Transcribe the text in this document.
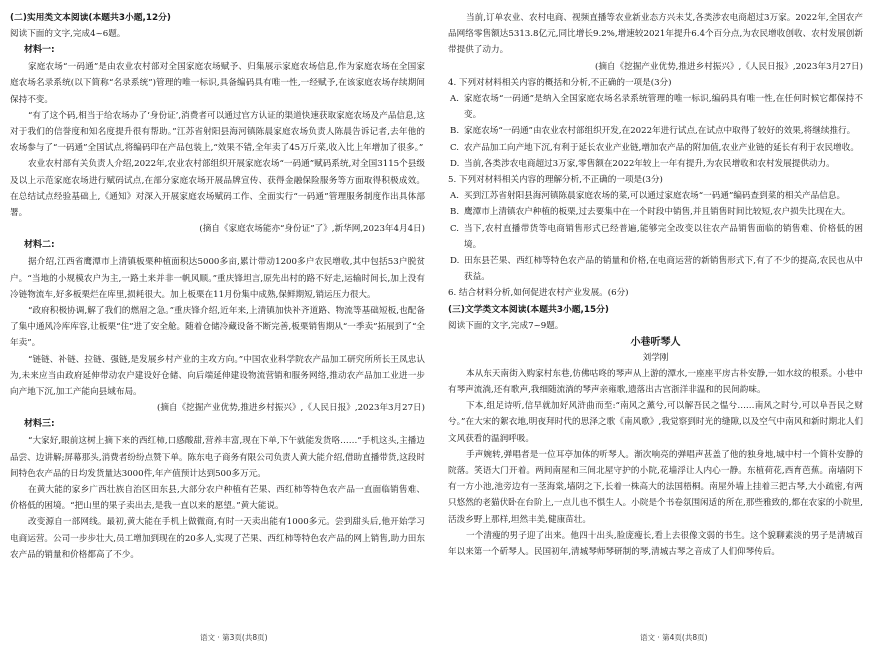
(二)实用类文本阅读(本题共3小题,12分)

阅读下面的文字,完成4~6题。

材料一:

家庭农场“一码通”是由农业农村部对全国家庭农场赋予、归集展示家庭农场信息,作为家庭农场在全国家庭农场名录系统(以下简称“名录系统”)管理的唯一标识,具备编码具有唯一性,一经赋予,在该家庭农场存续期间保持不变。

“有了这个码,相当于给农场办了‘身份证’,消费者可以通过官方认证的渠道快速获取家庭农场及产品信息,这对于我们的信誉度和知名度提升很有帮助。”江苏省射阳县海河镇陈晨家庭农场负责人陈晨告诉记者,去年他的农场参与了“一码通”全国试点,将编码印在产品包装上,“效果不错,全年卖了45万斤菜,收入比上年增加了很多。”

农业农村部有关负责人介绍,2022年,农业农村部组织开展家庭农场“一码通”赋码系统,对全国3115个县级及以上示范家庭农场进行赋码试点,在部分家庭农场开展品牌宣传、获得金融保险服务等方面取得积极成效。在总结试点经验基础上,《通知》对深入开展家庭农场赋码工作、全面实行“一码通”管理服务制度作出具体部署。

(摘自《家庭农场能亦“身份证”了》,新华网,2023年4月4日)

材料二:

据介绍,江西省鹰潭市上清镇板栗种植面积达5000多亩,累计带动1200多户农民增收,其中包括53户脱贫户。“当地的小规模农户为主,一路土来并非一帆风顺。”重庆锋坦言,原先出村的路不好走,运输时间长,加上没有冷链物流车,好多板栗烂在库里,损耗很大。加上板栗在11月份集中成熟,保鲜期短,销运压力很大。

“政府积极协调,解了我们的燃眉之急。”重庆锋介绍,近年来,上清镇加快补齐道路、物流等基础短板,也配备了集中通风冷库库容,让板栗“住”进了安全舱。随着仓储冷藏设备不断完善,板栗销售期从“一季卖”拓展到了“全年卖”。

“链链、补链、拉链、强链,是发展乡村产业的主攻方向。”中国农业科学院农产品加工研究所所长王凤忠认为,未来应当由政府延伸带动农户建设好仓储、向后端延伸建设物流营销和服务网络,推动农产品加工业进一步向产地下沉,加工产能向县域布局。

(摘自《挖掘产业优势,推进乡村振兴》,《人民日报》,2023年3月27日)

材料三:

“大家好,眼前这树上摘下来的西红柿,口感酸甜,营养丰富,现在下单,下午就能发货咯……”手机这头,主播边品尝、边讲解;屏幕那头,消费者纷纷点赞下单。陈东电子商务有限公司负责人黄大能介绍,借助直播带货,这段时间特色农产品的日均发货量达3000件,年产值预计达到500多万元。

在黄大能的家乡广西壮族自治区田东县,大部分农户种植有芒果、西红柿等特色农产品一直面临销售难、价格低的困境。“把山里的果子卖出去,是我一直以来的愿望。”黄大能说。

改变源自一部网线。最初,黄大能在手机上做微商,有时一天卖出能有1000多元。尝到甜头后,他开始学习电商运营。公司一步步壮大,员工增加到现在的20多人,实现了芒果、西红柿等特色农产品的网上销售,助力田东农产品的销量和价格都高了不少。

当前,订单农业、农村电商、视频直播等农业新业态方兴未艾,各类涉农电商超过3万家。2022年,全国农产品网络零售额达5313.8亿元,同比增长9.2%,增速较2021年提升6.4个百分点,为农民增收创收、农村发展创新带提供了动力。

(摘自《挖掘产业优势,推进乡村振兴》,《人民日报》,2023年3月27日)

4. 下列对材料相关内容的概括和分析,不正确的一项是(3分)

A. 家庭农场“一码通”是纳入全国家庭农场名录系统管理的唯一标识,编码具有唯一性,在任何时候它都保持不变。

B. 家庭农场“一码通”由农业农村部组织开发,在2022年进行试点,在试点中取得了较好的效果,将继续推行。

C. 农产品加工向产地下沉,有利于延长农业产业链,增加农产品的附加值,农业产业链的延长有利于农民增收。

D. 当前,各类涉农电商超过3万家,零售额在2022年较上一年有提升,为农民增收和农村发展提供动力。

5. 下列对材料相关内容的理解分析,不正确的一项是(3分)

A. 买到江苏省射阳县海河镇陈晨家庭农场的菜,可以通过家庭农场“一码通”编码查到菜的相关产品信息。

B. 鹰潭市上清镇农户种植的板栗,过去要集中在一个时段中销售,并且销售时间比较短,农户损失比现在大。

C. 当下,农村直播带货等电商销售形式已经普遍,能够完全改变以往农产品销售面临的销售难、价格低的困境。

D. 田东县芒果、西红柿等特色农产品的销量和价格,在电商运营的新销售形式下,有了不少的提高,农民也从中获益。

6. 结合材料分析,如何促进农村产业发展。(6分)

(三)文学类文本阅读(本题共3小题,15分)

阅读下面的文字,完成7~9题。

小巷听琴人
刘学刚

本从东天南街入购家村东巷,仿佛咕咚的琴声从上游的潭水,一座座平房古朴安静,一如水纹的根系。小巷中有琴声流淌,还有歌声,我细随流淌的琴声亲雍歌,遗落出古宫浙洋非温和的民间韵味。

下本,组足诗听,信早就加好风浒曲而至:“南风之薰兮,可以解吾民之愠兮……南风之时兮,可以阜吾民之财兮。”在大宋的絮衣地,明夜拜时代的思泽之歌《南风歌》,我觉察到时光的缝隙,以及空气中南风和新时期北人们文风获看的温润呼吸。

手声婉转,弹唱者是一位耳亭加体的听琴人。渐次响亮的弹唱声甚盖了他的独身地,城中村一个简朴安静的院落。笑语大门开着。两间南屋和三间北屋守护的小院,花墙浮让人内心一静。东植荷花,西育芭蕉。南墙阴下有一方小池,池旁边有一茎海棠,墙阴之下,长着一株高大的法国梧桐。南屋外墙上挂着三把古琴,大小疏密,有两只悠然的老猫伏卧在台阶上,一点儿也不惧生人。小院是个书卷氛围闲适的所在,那些雅致的,都在农家的小院里,活泼乡野上那样,坦然丰美,健康苗壮。

一个清瘦的男子迎了出来。他四十出头,脸庞瘦长,看上去很像文弱的书生。这个貌聊素淡的男子是清城百年以来第一个斫琴人。民国初年,清城琴师琴研制的琴,清城古琴之音成了人们仰琴传后。

语文 · 第3页(共8页)	语文 · 第4页(共8页)
